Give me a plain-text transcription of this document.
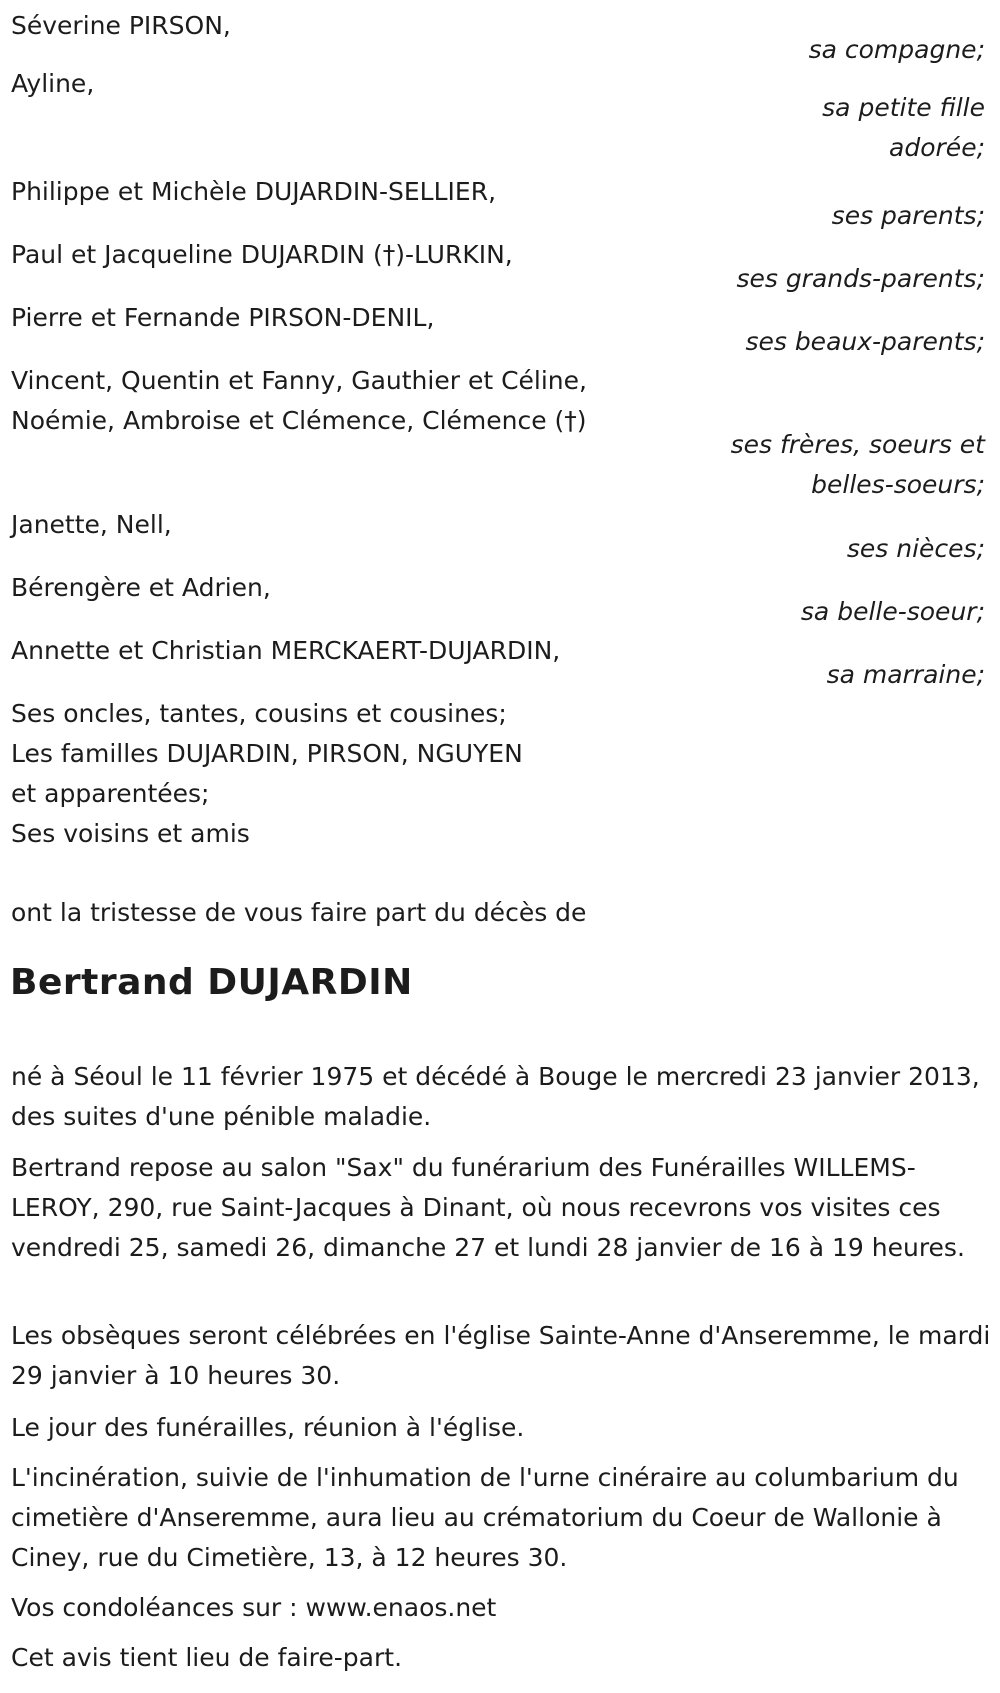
Séverine PIRSON,
sa compagne;
Ayline,
sa petite fille
adorée;
Philippe et Michèle DUJARDIN-SELLIER,
ses parents;
Paul et Jacqueline DUJARDIN (†)-LURKIN,
ses grands-parents;
Pierre et Fernande PIRSON-DENIL,
ses beaux-parents;
Vincent, Quentin et Fanny, Gauthier et Céline,
Noémie, Ambroise et Clémence, Clémence (†)
ses frères, soeurs et
belles-soeurs;
Janette, Nell,
ses nièces;
Bérengère et Adrien,
sa belle-soeur;
Annette et Christian MERCKAERT-DUJARDIN,
sa marraine;
Ses oncles, tantes, cousins et cousines;
Les familles DUJARDIN, PIRSON, NGUYEN
et apparentées;
Ses voisins et amis

ont la tristesse de vous faire part du décès de

Bertrand DUJARDIN

né à Séoul le 11 février 1975 et décédé à Bouge le mercredi 23 janvier 2013, des suites d'une pénible maladie.

Bertrand repose au salon "Sax" du funérarium des Funérailles WILLEMS-LEROY, 290, rue Saint-Jacques à Dinant, où nous recevrons vos visites ces vendredi 25, samedi 26, dimanche 27 et lundi 28 janvier de 16 à 19 heures.

Les obsèques seront célébrées en l'église Sainte-Anne d'Anseremme, le mardi 29 janvier à 10 heures 30.

Le jour des funérailles, réunion à l'église.

L'incinération, suivie de l'inhumation de l'urne cinéraire au columbarium du cimetière d'Anseremme, aura lieu au crématorium du Coeur de Wallonie à Ciney, rue du Cimetière, 13, à 12 heures 30.

Vos condoléances sur : www.enaos.net

Cet avis tient lieu de faire-part.
